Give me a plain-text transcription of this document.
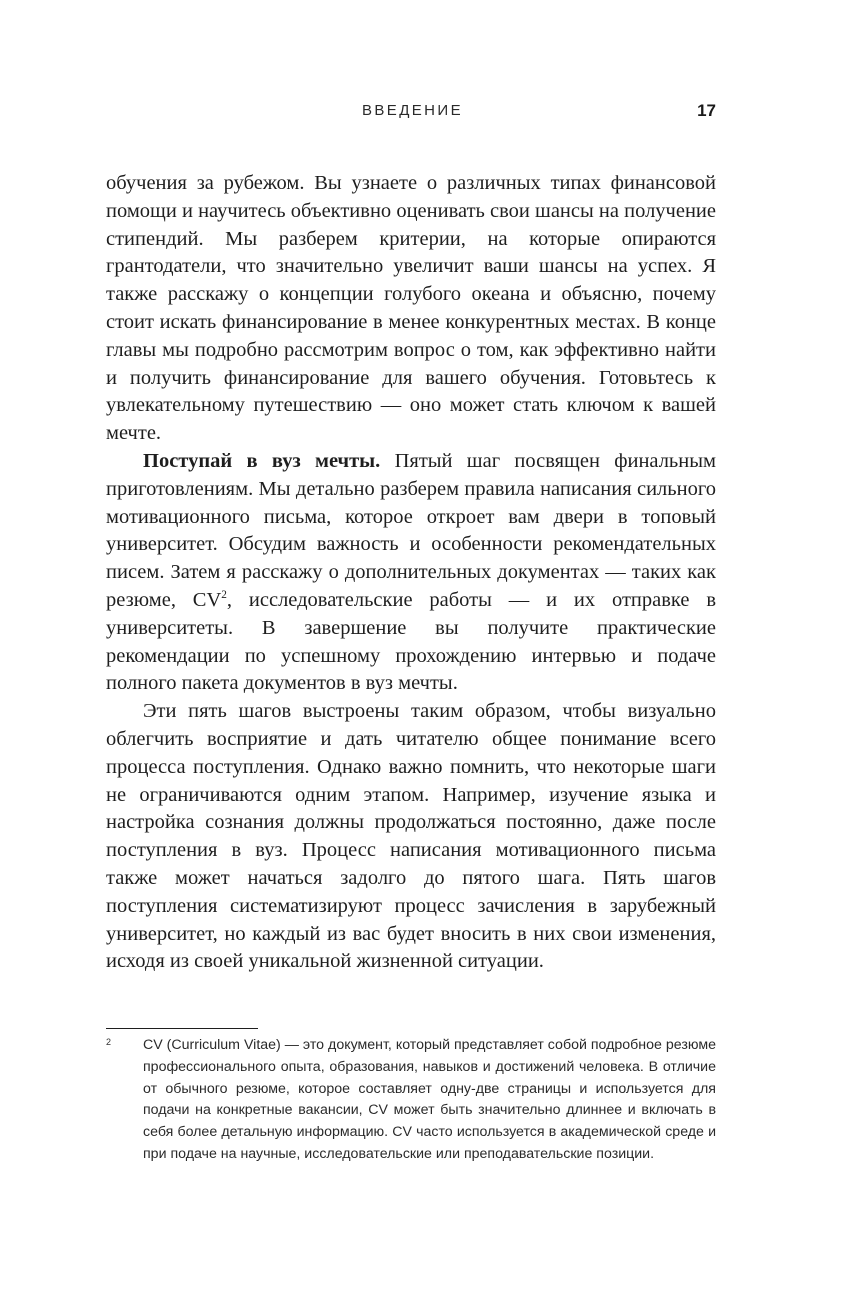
ВВЕДЕНИЕ	17

обучения за рубежом. Вы узнаете о различных типах финансовой помощи и научитесь объективно оценивать свои шансы на получение стипендий. Мы разберем критерии, на которые опираются грантодатели, что значительно увеличит ваши шансы на успех. Я также расскажу о концепции голубого океана и объясню, почему стоит искать финансирование в менее конкурентных местах. В конце главы мы подробно рассмотрим вопрос о том, как эффективно найти и получить финансирование для вашего обучения. Готовьтесь к увлекательному путешествию — оно может стать ключом к вашей мечте.

Поступай в вуз мечты. Пятый шаг посвящен финальным приготовлениям. Мы детально разберем правила написания сильного мотивационного письма, которое откроет вам двери в топовый университет. Обсудим важность и особенности рекомендательных писем. Затем я расскажу о дополнительных документах — таких как резюме, $CV^2$, исследовательские работы — и их отправке в университеты. В завершение вы получите практические рекомендации по успешному прохождению интервью и подаче полного пакета документов в вуз мечты.

Эти пять шагов выстроены таким образом, чтобы визуально облегчить восприятие и дать читателю общее понимание всего процесса поступления. Однако важно помнить, что некоторые шаги не ограничиваются одним этапом. Например, изучение языка и настройка сознания должны продолжаться постоянно, даже после поступления в вуз. Процесс написания мотивационного письма также может начаться задолго до пятого шага. Пять шагов поступления систематизируют процесс зачисления в зарубежный университет, но каждый из вас будет вносить в них свои изменения, исходя из своей уникальной жизненной ситуации.

2 CV (Curriculum Vitae) — это документ, который представляет собой подробное резюме профессионального опыта, образования, навыков и достижений человека. В отличие от обычного резюме, которое составляет одну-две страницы и используется для подачи на конкретные вакансии, CV может быть значительно длиннее и включать в себя более детальную информацию. CV часто используется в академической среде и при подаче на научные, исследовательские или преподавательские позиции.
